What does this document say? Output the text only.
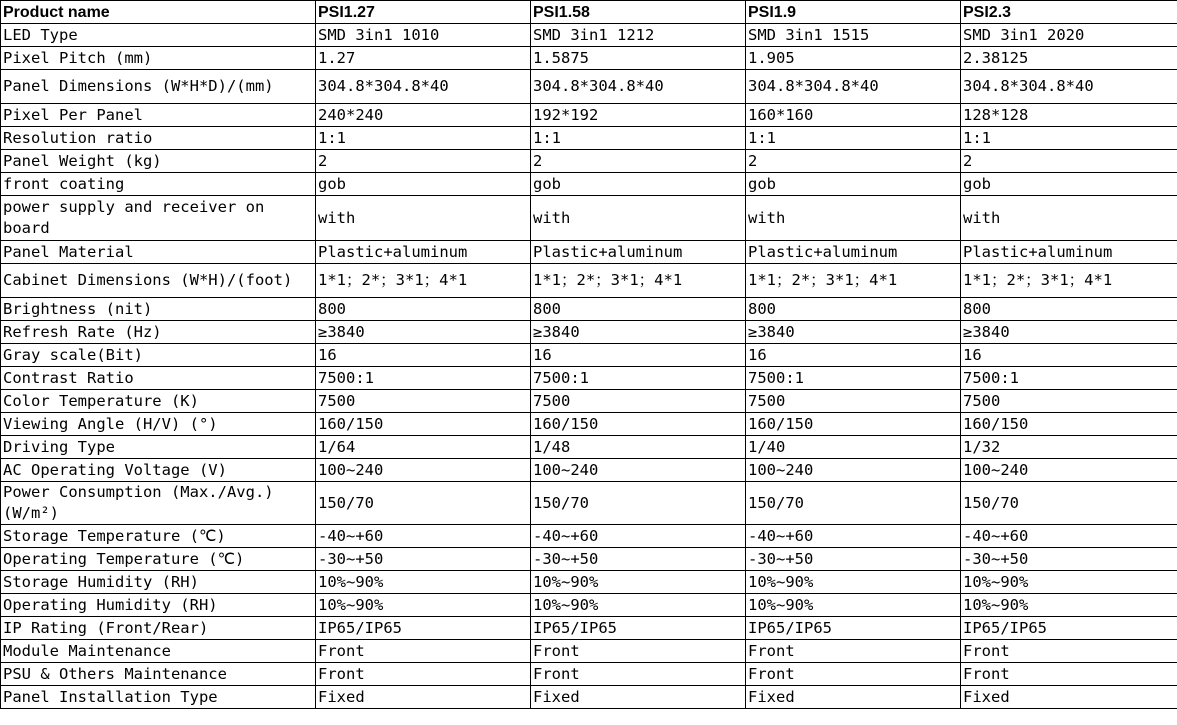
Product name	PSI1.27	PSI1.58	PSI1.9	PSI2.3
LED Type	SMD 3in1 1010	SMD 3in1 1212	SMD 3in1 1515	SMD 3in1 2020
Pixel Pitch (mm)	1.27	1.5875	1.905	2.38125
Panel Dimensions (W*H*D)/(mm)	304.8*304.8*40	304.8*304.8*40	304.8*304.8*40	304.8*304.8*40
Pixel Per Panel	240*240	192*192	160*160	128*128
Resolution ratio	1:1	1:1	1:1	1:1
Panel Weight (kg)	2	2	2	2
front coating	gob	gob	gob	gob
power supply and receiver on board	with	with	with	with
Panel Material	Plastic+aluminum	Plastic+aluminum	Plastic+aluminum	Plastic+aluminum
Cabinet Dimensions (W*H)/(foot)	1*1；2*；3*1；4*1	1*1；2*；3*1；4*1	1*1；2*；3*1；4*1	1*1；2*；3*1；4*1
Brightness (nit)	800	800	800	800
Refresh Rate (Hz)	≥3840	≥3840	≥3840	≥3840
Gray scale(Bit)	16	16	16	16
Contrast Ratio	7500:1	7500:1	7500:1	7500:1
Color Temperature (K)	7500	7500	7500	7500
Viewing Angle (H/V) (°)	160/150	160/150	160/150	160/150
Driving Type	1/64	1/48	1/40	1/32
AC Operating Voltage (V)	100~240	100~240	100~240	100~240
Power Consumption (Max./Avg.)(W/m²)	150/70	150/70	150/70	150/70
Storage Temperature (℃)	-40~+60	-40~+60	-40~+60	-40~+60
Operating Temperature (℃)	-30~+50	-30~+50	-30~+50	-30~+50
Storage Humidity (RH)	10%~90%	10%~90%	10%~90%	10%~90%
Operating Humidity (RH)	10%~90%	10%~90%	10%~90%	10%~90%
IP Rating (Front/Rear)	IP65/IP65	IP65/IP65	IP65/IP65	IP65/IP65
Module Maintenance	Front	Front	Front	Front
PSU & Others Maintenance	Front	Front	Front	Front
Panel Installation Type	Fixed	Fixed	Fixed	Fixed
